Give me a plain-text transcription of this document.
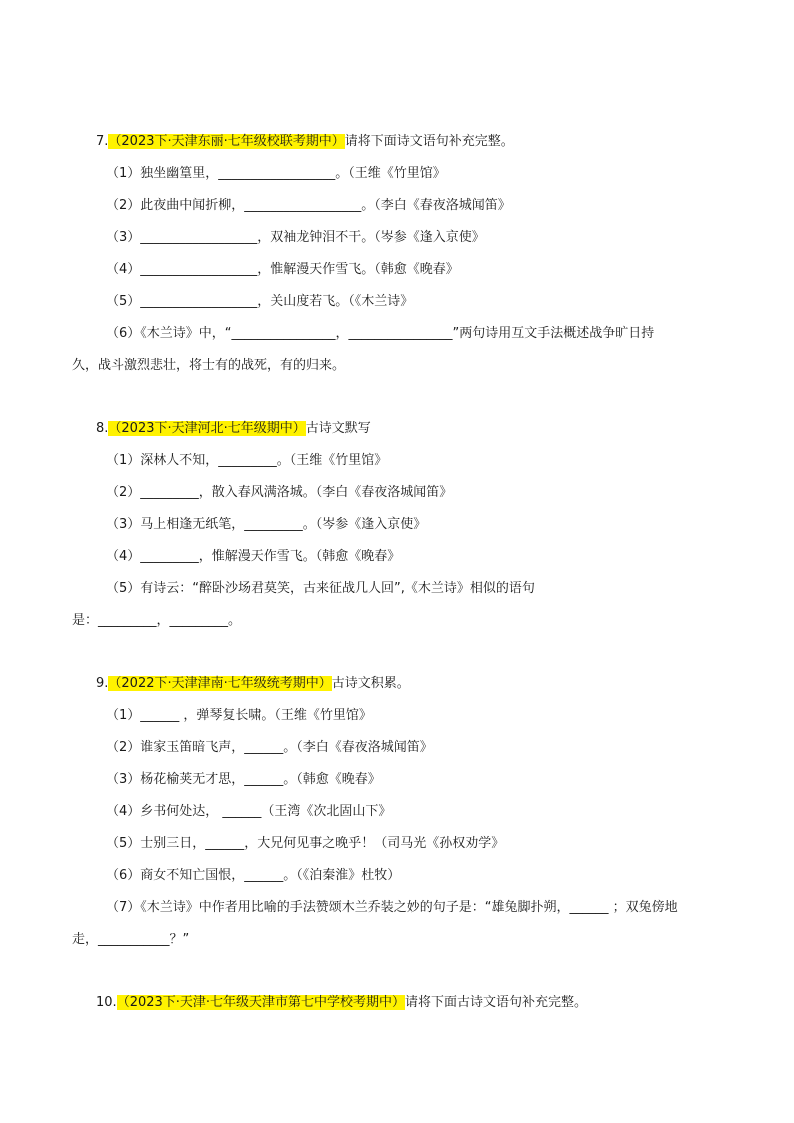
7.（2023下·天津东丽·七年级校联考期中）请将下面诗文语句补充完整。
（1）独坐幽篁里，__________________。（王维《竹里馆》
（2）此夜曲中闻折柳，__________________。（李白《春夜洛城闻笛》
（3）__________________，双袖龙钟泪不干。（岑参《逢入京使》
（4）__________________，惟解漫天作雪飞。（韩愈《晚春》
（5）__________________，关山度若飞。（《木兰诗》
（6）《木兰诗》中，“________________，________________”两句诗用互文手法概述战争旷日持
久，战斗激烈悲壮，将士有的战死，有的归来。
8.（2023下·天津河北·七年级期中）古诗文默写
（1）深林人不知，_________。（王维《竹里馆》
（2）_________，散入春风满洛城。（李白《春夜洛城闻笛》
（3）马上相逢无纸笔，_________。（岑参《逢入京使》
（4）_________，惟解漫天作雪飞。（韩愈《晚春》
（5）有诗云：“醉卧沙场君莫笑，古来征战几人回”,《木兰诗》相似的语句
是：_________，_________。
9.（2022下·天津津南·七年级统考期中）古诗文积累。
（1）______ ，弹琴复长啸。（王维《竹里馆》
（2）谁家玉笛暗飞声，______。（李白《春夜洛城闻笛》
（3）杨花榆荚无才思，______。（韩愈《晚春》
（4）乡书何处达， ______（王湾《次北固山下》
（5）士别三日，______，大兄何见事之晚乎！（司马光《孙权劝学》
（6）商女不知亡国恨，______。（《泊秦淮》杜牧）
（7）《木兰诗》中作者用比喻的手法赞颂木兰乔装之妙的句子是：“雄兔脚扑朔，______ ；双兔傍地
走，___________？”
10.（2023下·天津·七年级天津市第七中学校考期中）请将下面古诗文语句补充完整。
